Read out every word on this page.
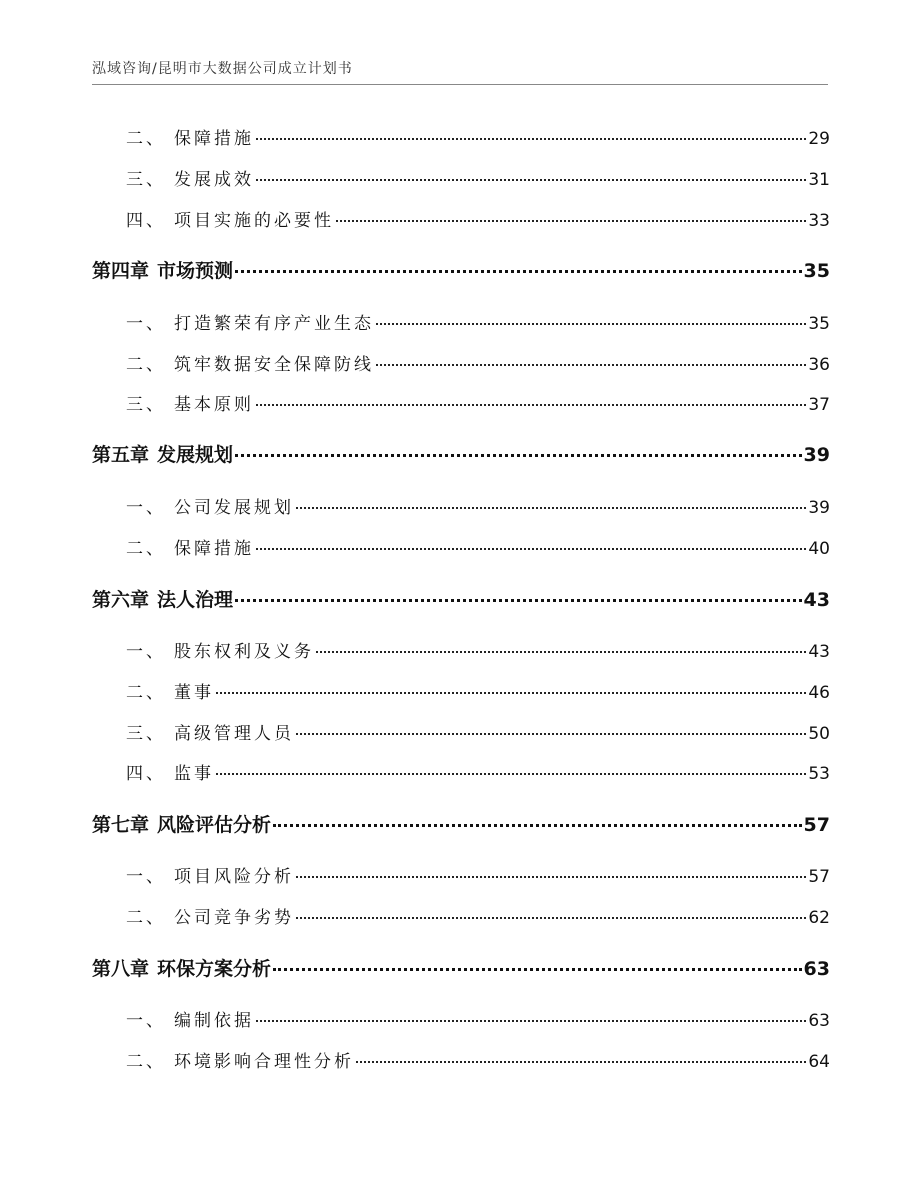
泓域咨询/昆明市大数据公司成立计划书
二、 保障措施	29
三、 发展成效	31
四、 项目实施的必要性	33
第四章 市场预测	35
一、 打造繁荣有序产业生态	35
二、 筑牢数据安全保障防线	36
三、 基本原则	37
第五章 发展规划	39
一、 公司发展规划	39
二、 保障措施	40
第六章 法人治理	43
一、 股东权利及义务	43
二、 董事	46
三、 高级管理人员	50
四、 监事	53
第七章 风险评估分析	57
一、 项目风险分析	57
二、 公司竞争劣势	62
第八章 环保方案分析	63
一、 编制依据	63
二、 环境影响合理性分析	64
